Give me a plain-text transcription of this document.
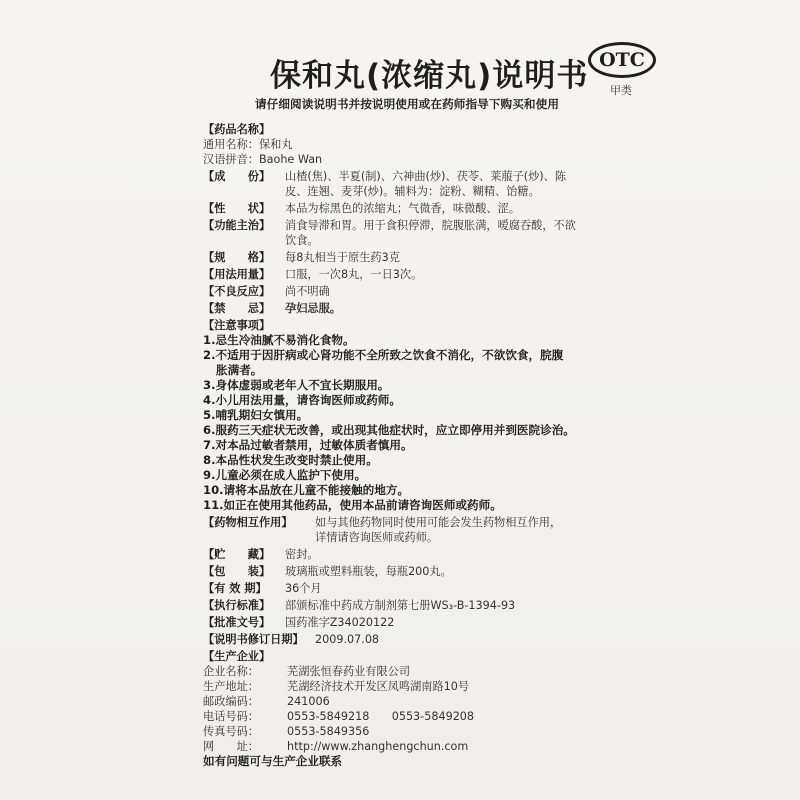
保和丸(浓缩丸)说明书 OTC
甲类
请仔细阅读说明书并按说明使用或在药师指导下购买和使用
【药品名称】
通用名称：保和丸
汉语拼音：Baohe Wan
【成　　份】	山楂(焦)、半夏(制)、六神曲(炒)、茯苓、莱菔子(炒)、陈
皮、连翘、麦芽(炒)。辅料为：淀粉、糊精、饴糖。
【性　　状】	本品为棕黑色的浓缩丸；气微香，味微酸、涩。
【功能主治】	消食导滞和胃。用于食积停滞，脘腹胀满，嗳腐吞酸，不欲
饮食。
【规　　格】	每8丸相当于原生药3克
【用法用量】	口服，一次8丸，一日3次。
【不良反应】	尚不明确
【禁　　忌】	孕妇忌服。
【注意事项】
1.忌生冷油腻不易消化食物。
2.不适用于因肝病或心肾功能不全所致之饮食不消化，不欲饮食，脘腹
胀满者。
3.身体虚弱或老年人不宜长期服用。
4.小儿用法用量，请咨询医师或药师。
5.哺乳期妇女慎用。
6.服药三天症状无改善，或出现其他症状时，应立即停用并到医院诊治。
7.对本品过敏者禁用，过敏体质者慎用。
8.本品性状发生改变时禁止使用。
9.儿童必须在成人监护下使用。
10.请将本品放在儿童不能接触的地方。
11.如正在使用其他药品，使用本品前请咨询医师或药师。
【药物相互作用】	如与其他药物同时使用可能会发生药物相互作用，
详情请咨询医师或药师。
【贮　　藏】	密封。
【包　　装】	玻璃瓶或塑料瓶装，每瓶200丸。
【有 效 期】	36个月
【执行标准】	部颁标准中药成方制剂第七册WS₃-B-1394-93
【批准文号】	国药准字Z34020122
【说明书修订日期】	2009.07.08
【生产企业】
企业名称：	芜湖张恒春药业有限公司
生产地址：	芜湖经济技术开发区凤鸣湖南路10号
邮政编码：	241006
电话号码：	0553-5849218　　0553-5849208
传真号码：	0553-5849356
网　　址：	http://www.zhanghengchun.com
如有问题可与生产企业联系
